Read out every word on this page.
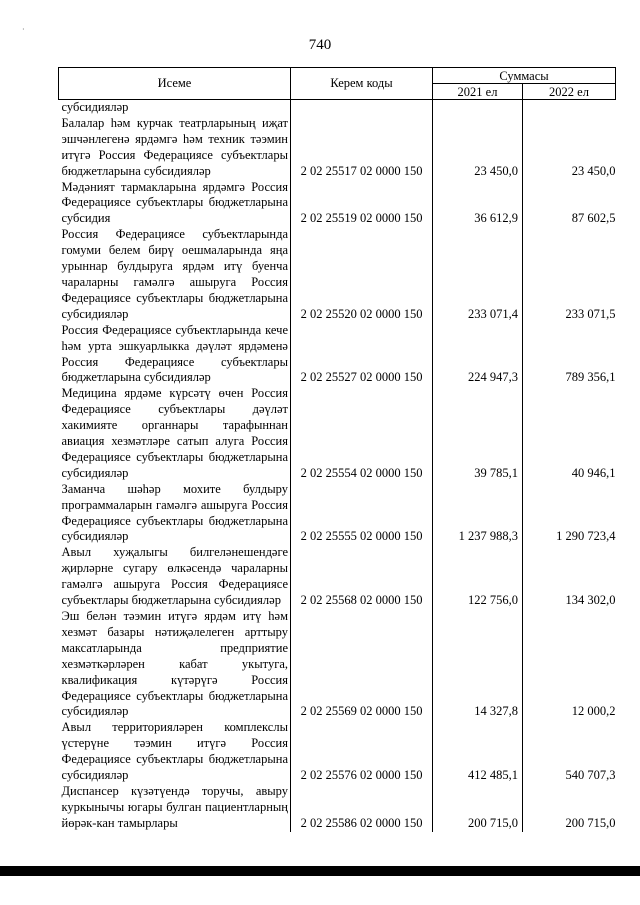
·
740
Исеме	Керем коды	Суммасы	
		2021 ел	2022 ел
субсидияләр			
Балалар һәм курчак театрларының иҗат эшчәнлегенә ярдәмгә һәм техник тәэмин итүгә Россия Федерациясе субъектлары бюджетларына субсидияләр	2 02 25517 02 0000 150	23 450,0	23 450,0
Мәдәният тармакларына ярдәмгә Россия Федерациясе субъектлары бюджетларына субсидия	2 02 25519 02 0000 150	36 612,9	87 602,5
Россия Федерациясе субъектларында гомуми белем бирү оешмаларында яңа урыннар булдыруга ярдәм итү буенча чараларны гамәлгә ашыруга Россия Федерациясе субъектлары бюджетларына субсидияләр	2 02 25520 02 0000 150	233 071,4	233 071,5
Россия Федерациясе субъектларында кече һәм урта эшкуарлыкка дәүләт ярдәменә Россия Федерациясе субъектлары бюджетларына субсидияләр	2 02 25527 02 0000 150	224 947,3	789 356,1
Медицина ярдәме күрсәтү өчен Россия Федерациясе субъектлары дәүләт хакимияте органнары тарафыннан авиация хезмәтләре сатып алуга Россия Федерациясе субъектлары бюджетларына субсидияләр	2 02 25554 02 0000 150	39 785,1	40 946,1
Заманча шәһәр мохите булдыру программаларын гамәлгә ашыруга Россия Федерациясе субъектлары бюджетларына субсидияләр	2 02 25555 02 0000 150	1 237 988,3	1 290 723,4
Авыл хуҗалыгы билгеләнешендәге җирләрне сугару өлкәсендә чараларны гамәлгә ашыруга Россия Федерациясе субъектлары бюджетларына субсидияләр	2 02 25568 02 0000 150	122 756,0	134 302,0
Эш белән тәэмин итүгә ярдәм итү һәм хезмәт базары нәтиҗәлелеген арттыру максатларында предприятие хезмәткәрләрен кабат укытуга, квалификация күтәрүгә Россия Федерациясе субъектлары бюджетларына субсидияләр	2 02 25569 02 0000 150	14 327,8	12 000,2
Авыл территорияләрен комплекслы үстерүне тәэмин итүгә Россия Федерациясе субъектлары бюджетларына субсидияләр	2 02 25576 02 0000 150	412 485,1	540 707,3
Диспансер күзәтүендә торучы, авыру куркынычы югары булган пациентларның йөрәк-кан тамырлары	2 02 25586 02 0000 150	200 715,0	200 715,0
